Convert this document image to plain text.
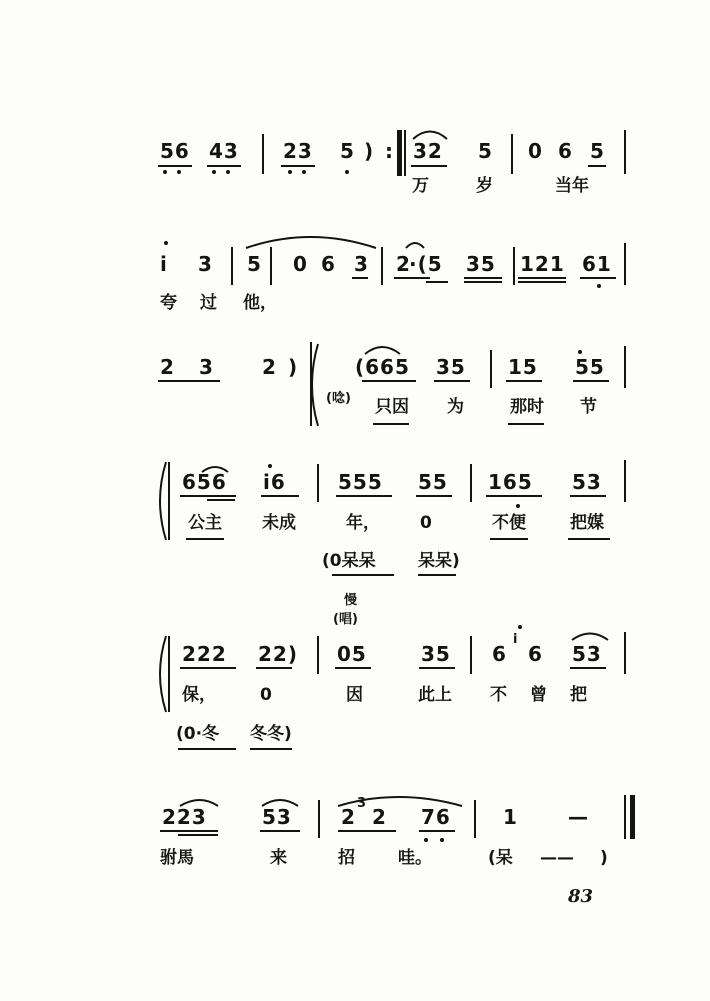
56 43 23 5 ) : 32 5 0 6 5
万	岁	当年
i 3 5 0 6 3 2
·(5 35 121 61
夸 过 他，
2 3 2 )	(665 35 15 55
(唸) 只因 为	那时 节
656 i6	555 55 165 53
公主 未成	年， 0	不便	把媒
(0呆呆 呆呆)
慢
(唱)
222 22) 05	35 6
i
6 53
保，	0	因	此上 不 曾 把
(0·冬 冬冬)
223	53 2
3
2 76	1	—
驸馬	来	招	哇。	(呆 —— )
83
